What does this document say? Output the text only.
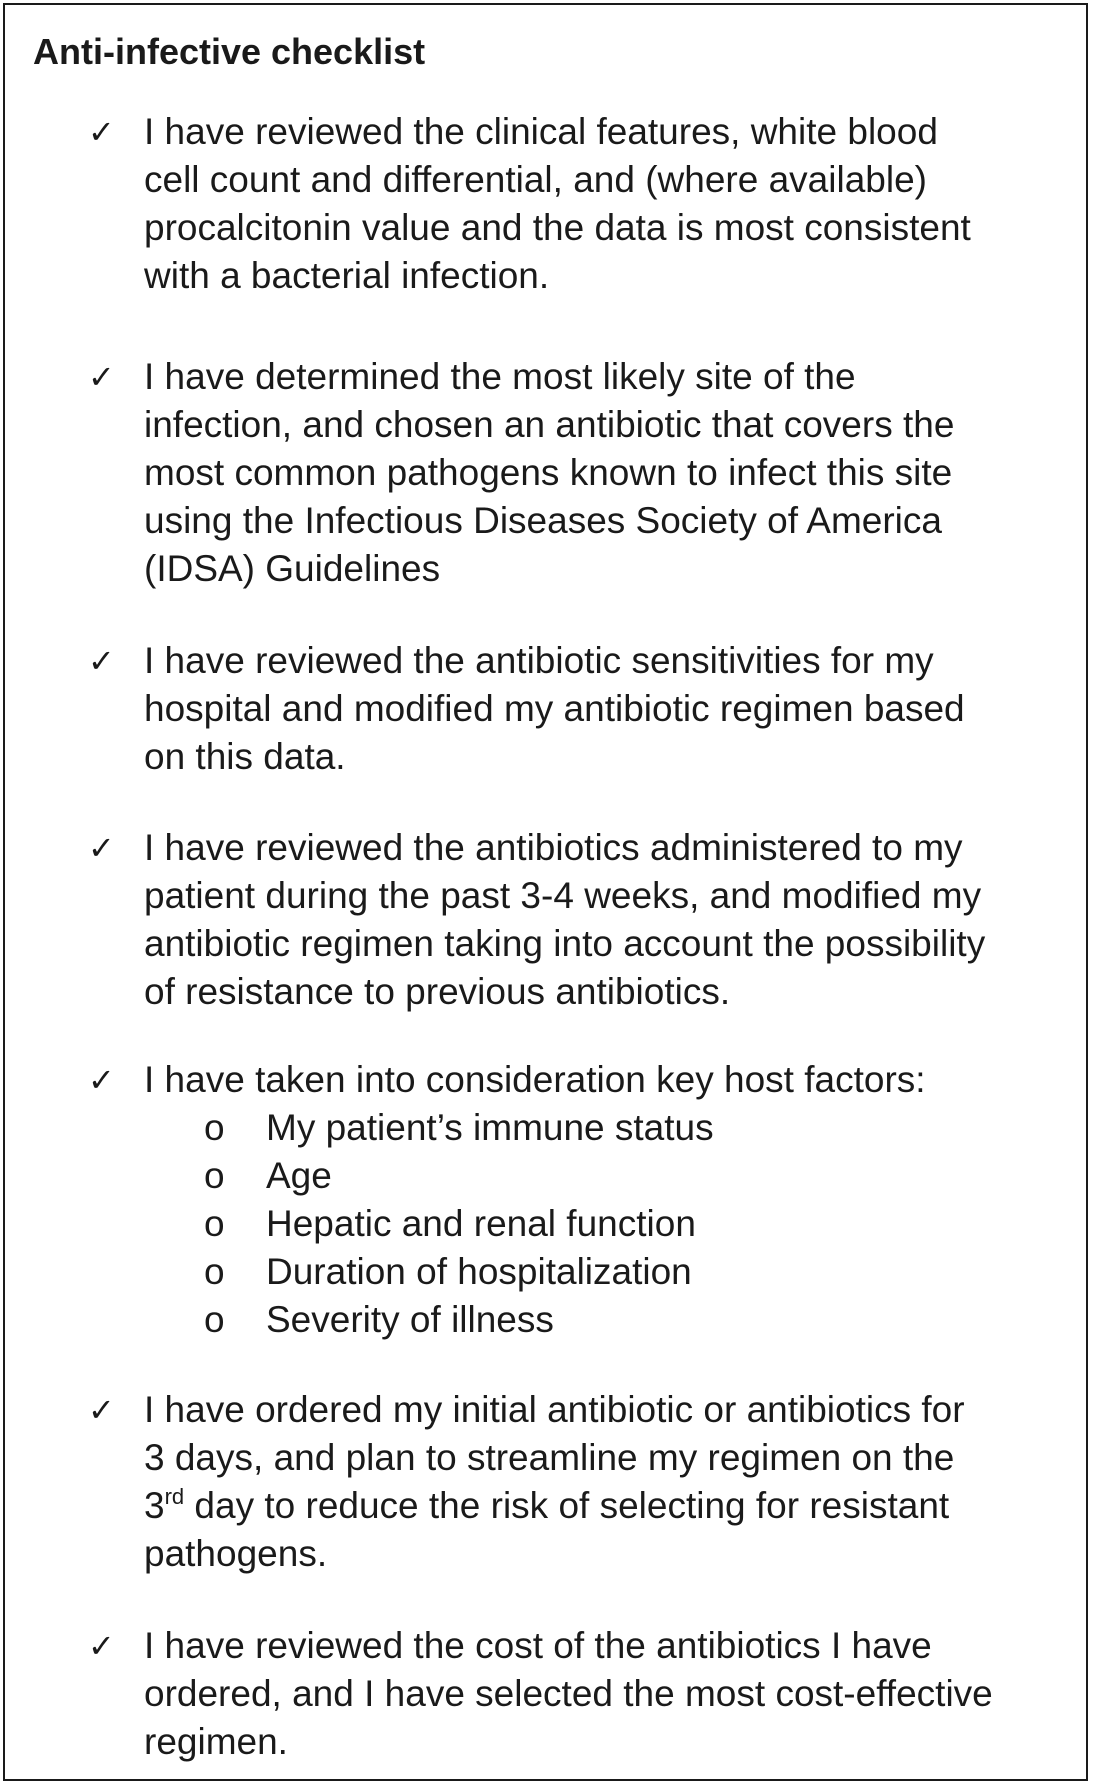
Anti-infective checklist
✓ I have reviewed the clinical features, white blood
cell count and differential, and (where available)
procalcitonin value and the data is most consistent
with a bacterial infection.
✓ I have determined the most likely site of the
infection, and chosen an antibiotic that covers the
most common pathogens known to infect this site
using the Infectious Diseases Society of America
(IDSA) Guidelines
✓ I have reviewed the antibiotic sensitivities for my
hospital and modified my antibiotic regimen based
on this data.
✓ I have reviewed the antibiotics administered to my
patient during the past 3-4 weeks, and modified my
antibiotic regimen taking into account the possibility
of resistance to previous antibiotics.
✓ I have taken into consideration key host factors:
o My patient’s immune status
o Age
o Hepatic and renal function
o Duration of hospitalization
o Severity of illness
✓ I have ordered my initial antibiotic or antibiotics for
3 days, and plan to streamline my regimen on the
3rd day to reduce the risk of selecting for resistant
pathogens.
✓ I have reviewed the cost of the antibiotics I have
ordered, and I have selected the most cost-effective
regimen.
